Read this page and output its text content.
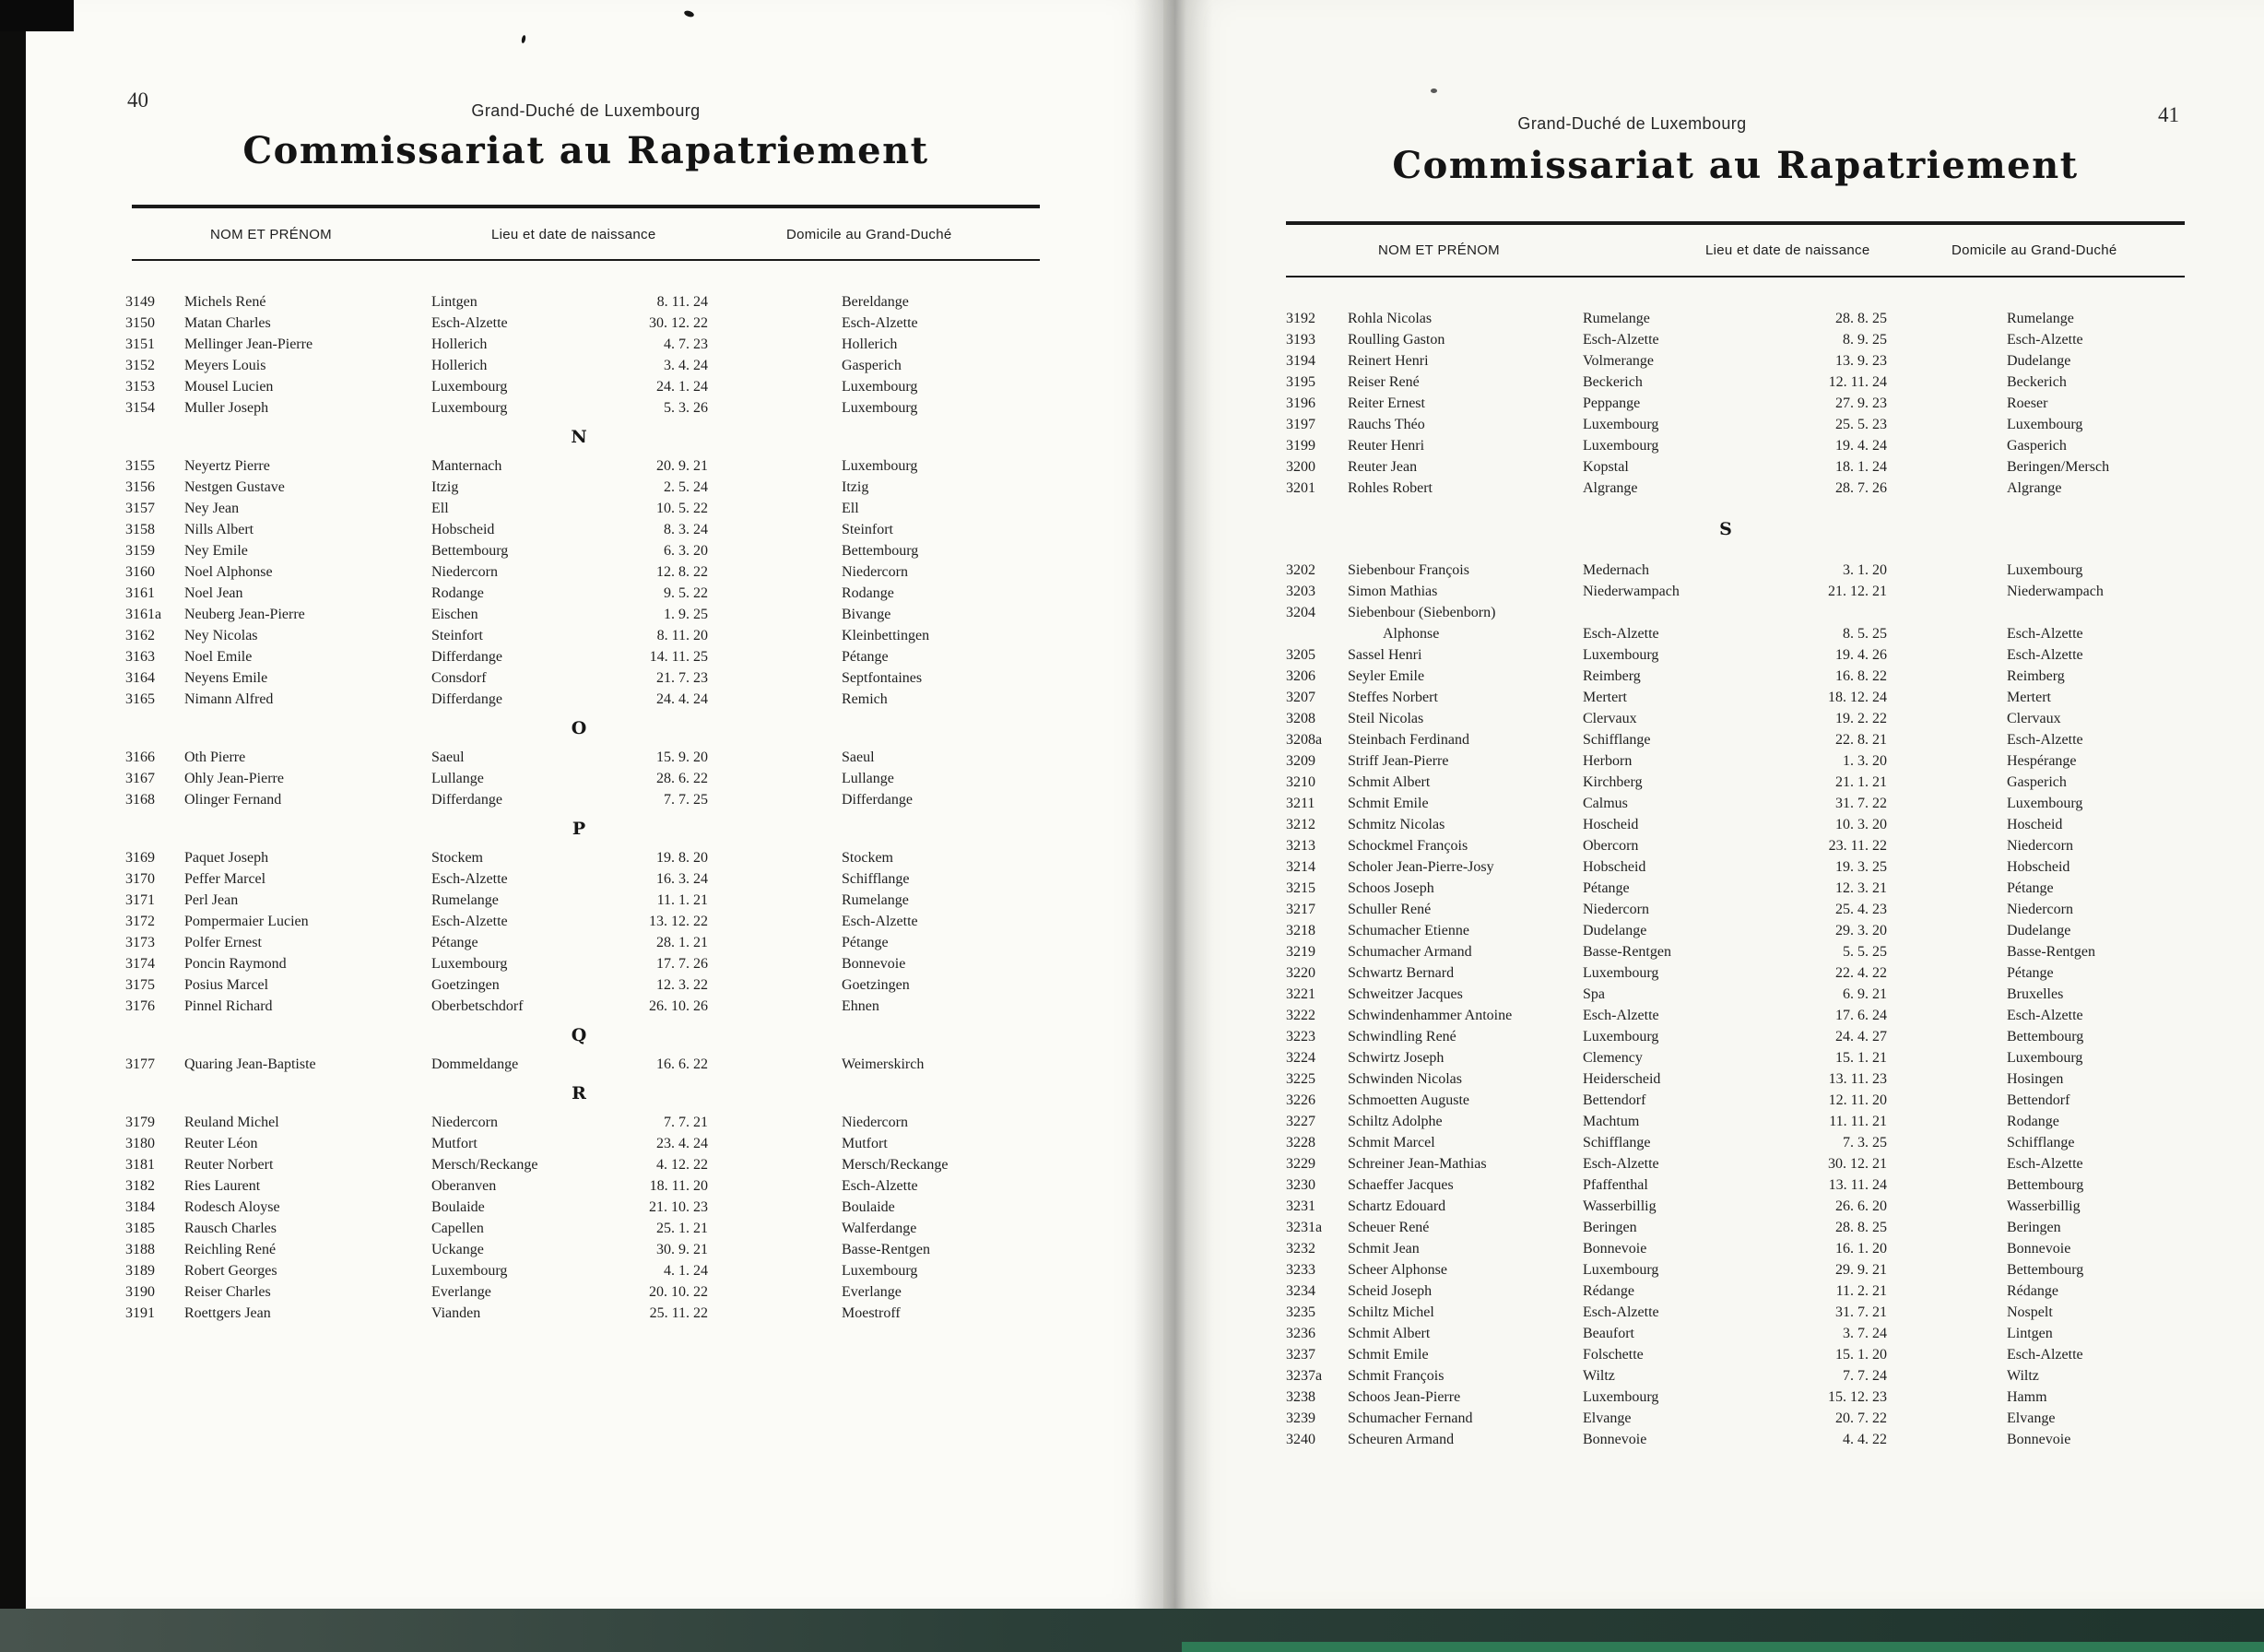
40	Grand-Duché de Luxembourg
Commissariat au Rapatriement
NOM ET PRÉNOM	Lieu et date de naissance	Domicile au Grand-Duché
3149	Michels René	Lintgen	8. 11. 24	Bereldange
3150	Matan Charles	Esch-Alzette	30. 12. 22	Esch-Alzette
3151	Mellinger Jean-Pierre	Hollerich	4. 7. 23	Hollerich
3152	Meyers Louis	Hollerich	3. 4. 24	Gasperich
3153	Mousel Lucien	Luxembourg	24. 1. 24	Luxembourg
3154	Muller Joseph	Luxembourg	5. 3. 26	Luxembourg
N
3155	Neyertz Pierre	Manternach	20. 9. 21	Luxembourg
3156	Nestgen Gustave	Itzig	2. 5. 24	Itzig
3157	Ney Jean	Ell	10. 5. 22	Ell
3158	Nills Albert	Hobscheid	8. 3. 24	Steinfort
3159	Ney Emile	Bettembourg	6. 3. 20	Bettembourg
3160	Noel Alphonse	Niedercorn	12. 8. 22	Niedercorn
3161	Noel Jean	Rodange	9. 5. 22	Rodange
3161a	Neuberg Jean-Pierre	Eischen	1. 9. 25	Bivange
3162	Ney Nicolas	Steinfort	8. 11. 20	Kleinbettingen
3163	Noel Emile	Differdange	14. 11. 25	Pétange
3164	Neyens Emile	Consdorf	21. 7. 23	Septfontaines
3165	Nimann Alfred	Differdange	24. 4. 24	Remich
O
3166	Oth Pierre	Saeul	15. 9. 20	Saeul
3167	Ohly Jean-Pierre	Lullange	28. 6. 22	Lullange
3168	Olinger Fernand	Differdange	7. 7. 25	Differdange
P
3169	Paquet Joseph	Stockem	19. 8. 20	Stockem
3170	Peffer Marcel	Esch-Alzette	16. 3. 24	Schifflange
3171	Perl Jean	Rumelange	11. 1. 21	Rumelange
3172	Pompermaier Lucien	Esch-Alzette	13. 12. 22	Esch-Alzette
3173	Polfer Ernest	Pétange	28. 1. 21	Pétange
3174	Poncin Raymond	Luxembourg	17. 7. 26	Bonnevoie
3175	Posius Marcel	Goetzingen	12. 3. 22	Goetzingen
3176	Pinnel Richard	Oberbetschdorf	26. 10. 26	Ehnen
Q
3177	Quaring Jean-Baptiste	Dommeldange	16. 6. 22	Weimerskirch
R
3179	Reuland Michel	Niedercorn	7. 7. 21	Niedercorn
3180	Reuter Léon	Mutfort	23. 4. 24	Mutfort
3181	Reuter Norbert	Mersch/Reckange	4. 12. 22	Mersch/Reckange
3182	Ries Laurent	Oberanven	18. 11. 20	Esch-Alzette
3184	Rodesch Aloyse	Boulaide	21. 10. 23	Boulaide
3185	Rausch Charles	Capellen	25. 1. 21	Walferdange
3188	Reichling René	Uckange	30. 9. 21	Basse-Rentgen
3189	Robert Georges	Luxembourg	4. 1. 24	Luxembourg
3190	Reiser Charles	Everlange	20. 10. 22	Everlange
3191	Roettgers Jean	Vianden	25. 11. 22	Moestroff
41
Grand-Duché de Luxembourg
Commissariat au Rapatriement
NOM ET PRÉNOM	Lieu et date de naissance	Domicile au Grand-Duché
3192	Rohla Nicolas	Rumelange	28. 8. 25	Rumelange
3193	Roulling Gaston	Esch-Alzette	8. 9. 25	Esch-Alzette
3194	Reinert Henri	Volmerange	13. 9. 23	Dudelange
3195	Reiser René	Beckerich	12. 11. 24	Beckerich
3196	Reiter Ernest	Peppange	27. 9. 23	Roeser
3197	Rauchs Théo	Luxembourg	25. 5. 23	Luxembourg
3199	Reuter Henri	Luxembourg	19. 4. 24	Gasperich
3200	Reuter Jean	Kopstal	18. 1. 24	Beringen/Mersch
3201	Rohles Robert	Algrange	28. 7. 26	Algrange
S
3202	Siebenbour François	Medernach	3. 1. 20	Luxembourg
3203	Simon Mathias	Niederwampach	21. 12. 21	Niederwampach
3204	Siebenbour (Siebenborn)
Alphonse	Esch-Alzette	8. 5. 25	Esch-Alzette
3205	Sassel Henri	Luxembourg	19. 4. 26	Esch-Alzette
3206	Seyler Emile	Reimberg	16. 8. 22	Reimberg
3207	Steffes Norbert	Mertert	18. 12. 24	Mertert
3208	Steil Nicolas	Clervaux	19. 2. 22	Clervaux
3208a	Steinbach Ferdinand	Schifflange	22. 8. 21	Esch-Alzette
3209	Striff Jean-Pierre	Herborn	1. 3. 20	Hespérange
3210	Schmit Albert	Kirchberg	21. 1. 21	Gasperich
3211	Schmit Emile	Calmus	31. 7. 22	Luxembourg
3212	Schmitz Nicolas	Hoscheid	10. 3. 20	Hoscheid
3213	Schockmel François	Obercorn	23. 11. 22	Niedercorn
3214	Scholer Jean-Pierre-Josy	Hobscheid	19. 3. 25	Hobscheid
3215	Schoos Joseph	Pétange	12. 3. 21	Pétange
3217	Schuller René	Niedercorn	25. 4. 23	Niedercorn
3218	Schumacher Etienne	Dudelange	29. 3. 20	Dudelange
3219	Schumacher Armand	Basse-Rentgen	5. 5. 25	Basse-Rentgen
3220	Schwartz Bernard	Luxembourg	22. 4. 22	Pétange
3221	Schweitzer Jacques	Spa	6. 9. 21	Bruxelles
3222	Schwindenhammer Antoine	Esch-Alzette	17. 6. 24	Esch-Alzette
3223	Schwindling René	Luxembourg	24. 4. 27	Bettembourg
3224	Schwirtz Joseph	Clemency	15. 1. 21	Luxembourg
3225	Schwinden Nicolas	Heiderscheid	13. 11. 23	Hosingen
3226	Schmoetten Auguste	Bettendorf	12. 11. 20	Bettendorf
3227	Schiltz Adolphe	Machtum	11. 11. 21	Rodange
3228	Schmit Marcel	Schifflange	7. 3. 25	Schifflange
3229	Schreiner Jean-Mathias	Esch-Alzette	30. 12. 21	Esch-Alzette
3230	Schaeffer Jacques	Pfaffenthal	13. 11. 24	Bettembourg
3231	Schartz Edouard	Wasserbillig	26. 6. 20	Wasserbillig
3231a	Scheuer René	Beringen	28. 8. 25	Beringen
3232	Schmit Jean	Bonnevoie	16. 1. 20	Bonnevoie
3233	Scheer Alphonse	Luxembourg	29. 9. 21	Bettembourg
3234	Scheid Joseph	Rédange	11. 2. 21	Rédange
3235	Schiltz Michel	Esch-Alzette	31. 7. 21	Nospelt
3236	Schmit Albert	Beaufort	3. 7. 24	Lintgen
3237	Schmit Emile	Folschette	15. 1. 20	Esch-Alzette
3237a	Schmit François	Wiltz	7. 7. 24	Wiltz
3238	Schoos Jean-Pierre	Luxembourg	15. 12. 23	Hamm
3239	Schumacher Fernand	Elvange	20. 7. 22	Elvange
3240	Scheuren Armand	Bonnevoie	4. 4. 22	Bonnevoie
